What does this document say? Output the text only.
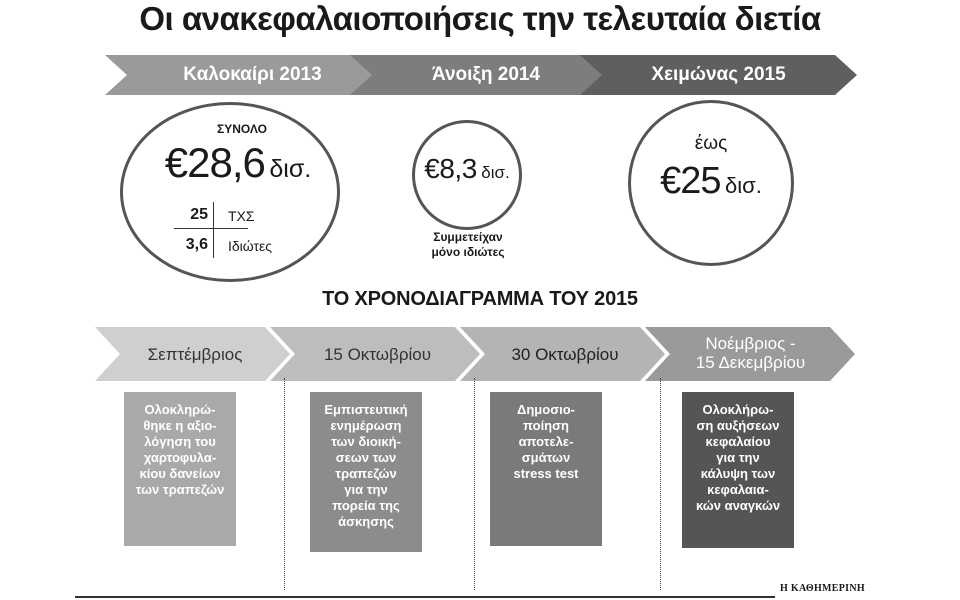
Οι ανακεφαλαιοποιήσεις την τελευταία διετία
Καλοκαίρι 2013	Άνοιξη 2014	Χειμώνας 2015
ΣΥΝΟΛΟ
€28,6 δισ.
25 ΤΧΣ
3,6 Ιδιώτες
€8,3 δισ.
Συμμετείχαν
μόνο ιδιώτες
έως
€25 δισ.
ΤΟ ΧΡΟΝΟΔΙΑΓΡΑΜΜΑ ΤΟΥ 2015
Σεπτέμβριος	15 Οκτωβρίου	30 Οκτωβρίου
Νοέμβριος -
15 Δεκεμβρίου
Ολοκληρώ-
θηκε η αξιο-
λόγηση του
χαρτοφυλα-
κίου δανείων
των τραπεζών
Εμπιστευτική
ενημέρωση
των διοική-
σεων των
τραπεζών
για την
πορεία της
άσκησης
Δημοσιο-
ποίηση
αποτελε-
σμάτων
stress test
Ολοκλήρω-
ση αυξήσεων
κεφαλαίου
για την
κάλυψη των
κεφαλαια-
κών αναγκών
Η ΚΑΘΗΜΕΡΙΝΗ
